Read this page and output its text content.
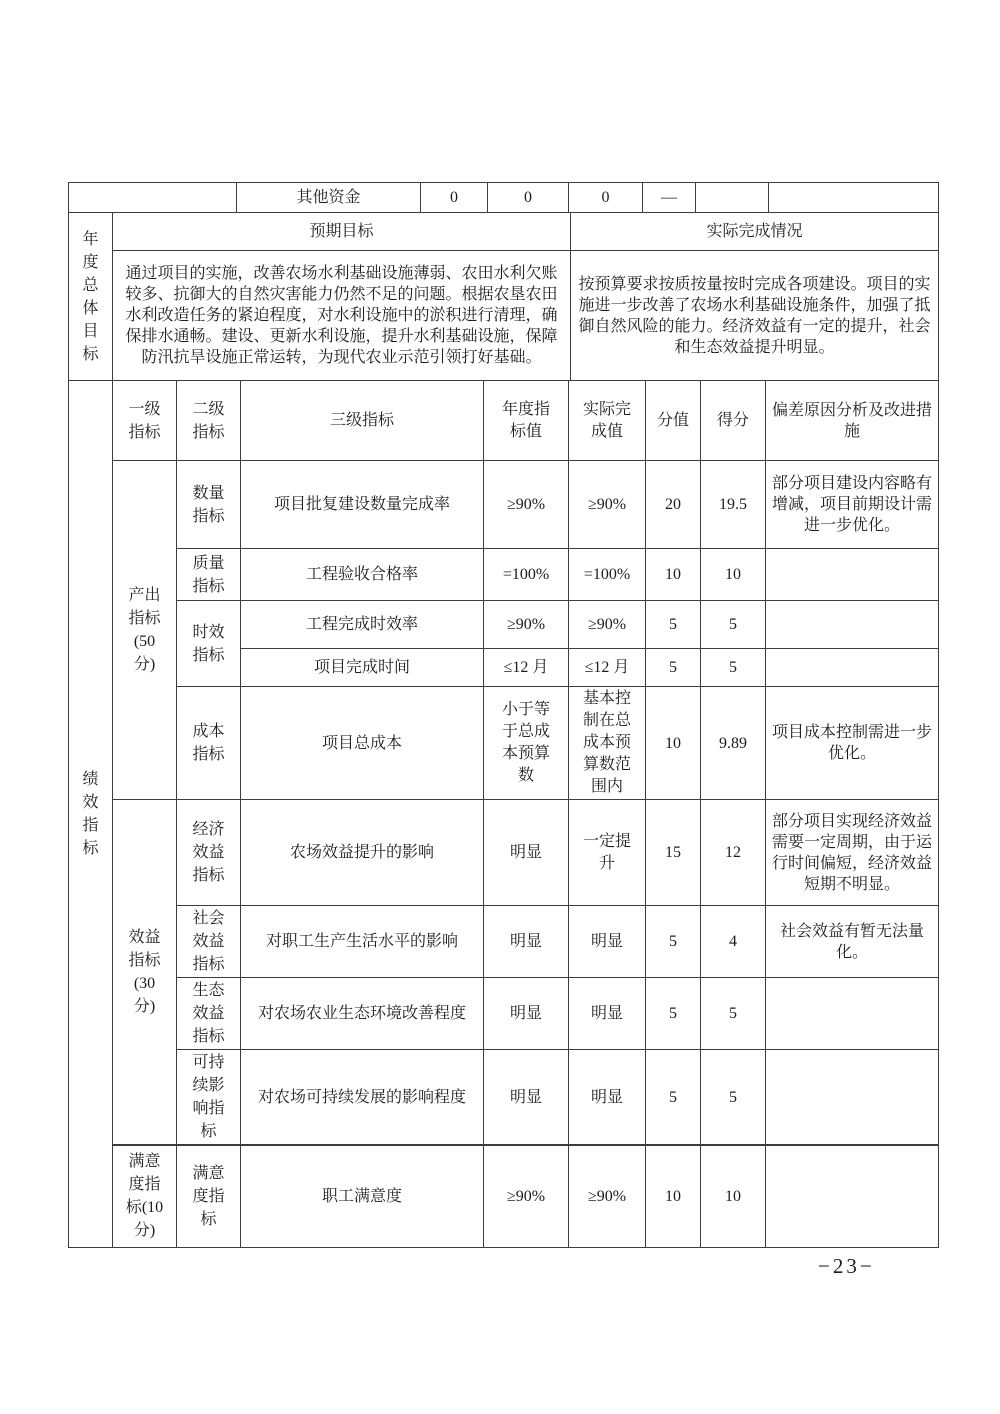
	其他资金	0	0	0	—		
年度总体目标	预期目标	实际完成情况
	通过项目的实施，改善农场水利基础设施薄弱、农田水利欠账较多、抗御大的自然灾害能力仍然不足的问题。根据农垦农田水利改造任务的紧迫程度，对水利设施中的淤积进行清理，确保排水通畅。建设、更新水利设施，提升水利基础设施，保障防汛抗旱设施正常运转，为现代农业示范引领打好基础。	按预算要求按质按量按时完成各项建设。项目的实施进一步改善了农场水利基础设施条件，加强了抵御自然风险的能力。经济效益有一定的提升，社会和生态效益提升明显。
绩效指标	一级指标	二级指标	三级指标	年度指标值	实际完成值	分值	得分	偏差原因分析及改进措施
	产出指标(50分)	数量指标	项目批复建设数量完成率	≥90%	≥90%	20	19.5	部分项目建设内容略有增减，项目前期设计需进一步优化。
		质量指标	工程验收合格率	=100%	=100%	10	10	
		时效指标	工程完成时效率	≥90%	≥90%	5	5	
			项目完成时间	≤12 月	≤12 月	5	5	
		成本指标	项目总成本	小于等于总成本预算数	基本控制在总成本预算数范围内	10	9.89	项目成本控制需进一步优化。
	效益指标(30分)	经济效益指标	农场效益提升的影响	明显	一定提升	15	12	部分项目实现经济效益需要一定周期，由于运行时间偏短，经济效益短期不明显。
		社会效益指标	对职工生产生活水平的影响	明显	明显	5	4	社会效益有暂无法量化。
		生态效益指标	对农场农业生态环境改善程度	明显	明显	5	5	
		可持续影响指标	对农场可持续发展的影响程度	明显	明显	5	5	
	满意度指标(10分)	满意度指标	职工满意度	≥90%	≥90%	10	10	
−23−
